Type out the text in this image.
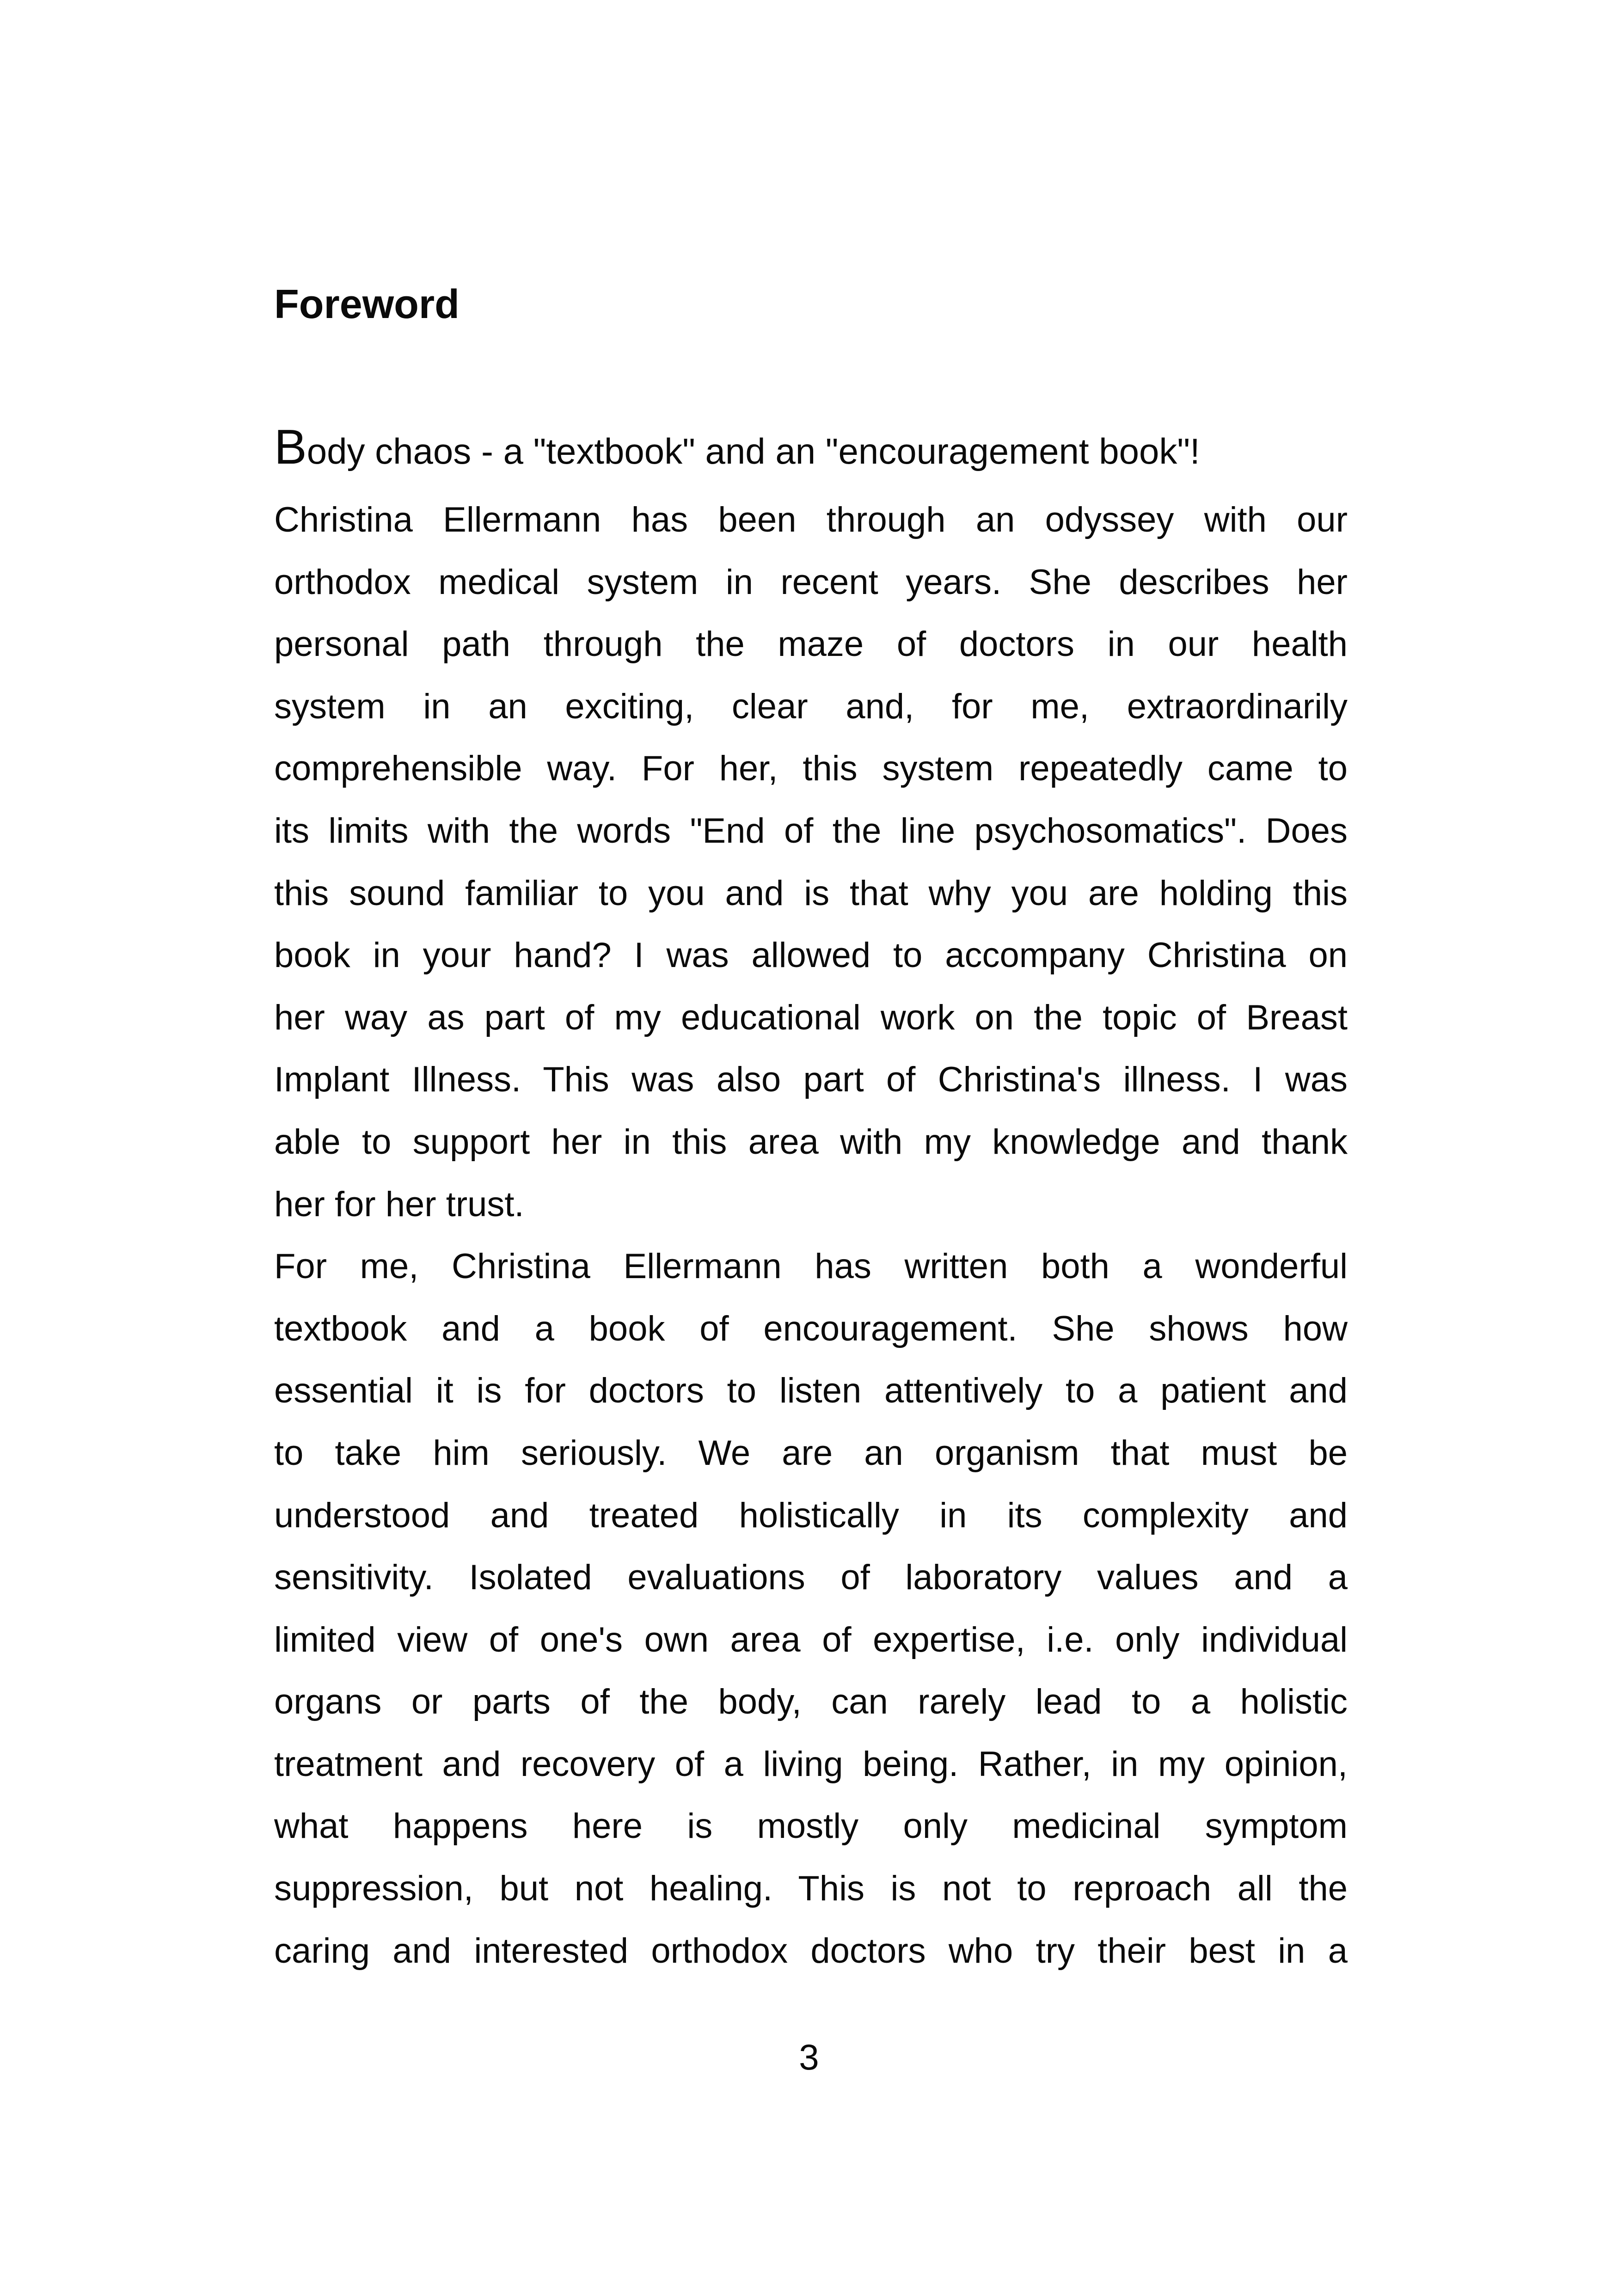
Foreword

Body chaos - a "textbook" and an "encouragement book"!

Christina Ellermann has been through an odyssey with our
orthodox medical system in recent years. She describes her
personal path through the maze of doctors in our health
system in an exciting, clear and, for me, extraordinarily
comprehensible way. For her, this system repeatedly came to
its limits with the words "End of the line psychosomatics". Does
this sound familiar to you and is that why you are holding this
book in your hand? I was allowed to accompany Christina on
her way as part of my educational work on the topic of Breast
Implant Illness. This was also part of Christina's illness. I was
able to support her in this area with my knowledge and thank
her for her trust.

For me, Christina Ellermann has written both a wonderful
textbook and a book of encouragement. She shows how
essential it is for doctors to listen attentively to a patient and
to take him seriously. We are an organism that must be
understood and treated holistically in its complexity and
sensitivity. Isolated evaluations of laboratory values and a
limited view of one's own area of expertise, i.e. only individual
organs or parts of the body, can rarely lead to a holistic
treatment and recovery of a living being. Rather, in my opinion,
what happens here is mostly only medicinal symptom
suppression, but not healing. This is not to reproach all the
caring and interested orthodox doctors who try their best in a

3
